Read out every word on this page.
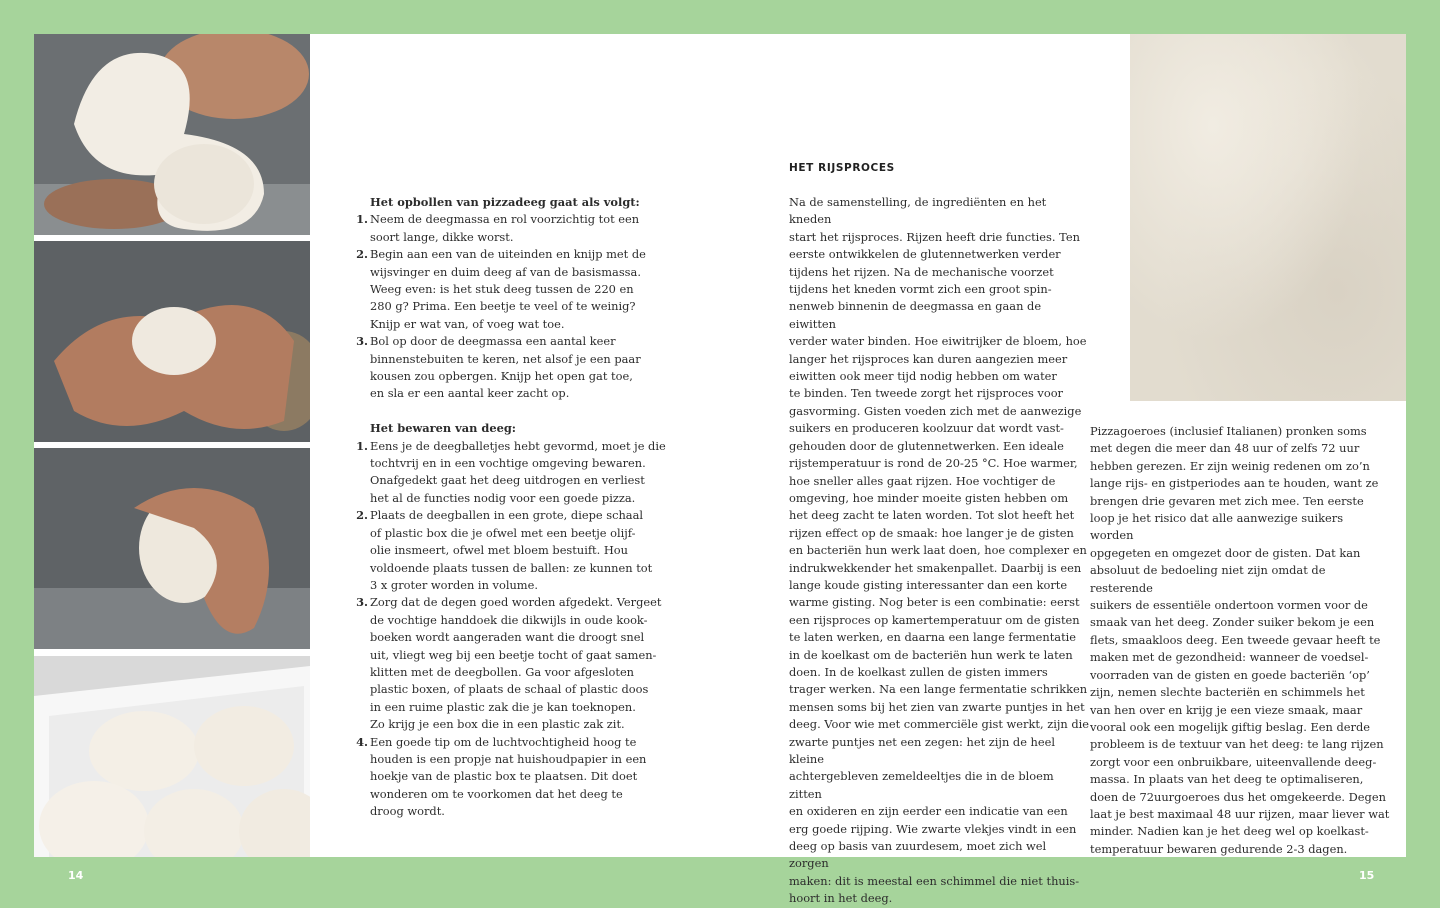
Het opbollen van pizzadeeg gaat als volgt:

1. Neem de deegmassa en rol voorzichtig tot een
soort lange, dikke worst.
2. Begin aan een van de uiteinden en knijp met de
wijsvinger en duim deeg af van de basismassa.
Weeg even: is het stuk deeg tussen de 220 en
280 g? Prima. Een beetje te veel of te weinig?
Knijp er wat van, of voeg wat toe.
3. Bol op door de deegmassa een aantal keer
binnenstebuiten te keren, net alsof je een paar
kousen zou opbergen. Knijp het open gat toe,
en sla er een aantal keer zacht op.

Het bewaren van deeg:

1. Eens je de deegballetjes hebt gevormd, moet je die
tochtvrij en in een vochtige omgeving bewaren.
Onafgedekt gaat het deeg uitdrogen en verliest
het al de functies nodig voor een goede pizza.
2. Plaats de deegballen in een grote, diepe schaal
of plastic box die je ofwel met een beetje olijf-
olie insmeert, ofwel met bloem bestuift. Hou
voldoende plaats tussen de ballen: ze kunnen tot
3 x groter worden in volume.
3. Zorg dat de degen goed worden afgedekt. Vergeet
de vochtige handdoek die dikwijls in oude kook-
boeken wordt aangeraden want die droogt snel
uit, vliegt weg bij een beetje tocht of gaat samen-
klitten met de deegbollen. Ga voor afgesloten
plastic boxen, of plaats de schaal of plastic doos
in een ruime plastic zak die je kan toeknopen.
Zo krijg je een box die in een plastic zak zit.
4. Een goede tip om de luchtvochtigheid hoog te
houden is een propje nat huishoudpapier in een
hoekje van de plastic box te plaatsen. Dit doet
wonderen om te voorkomen dat het deeg te
droog wordt.
HET RIJSPROCES
Na de samenstelling, de ingrediënten en het kneden
start het rijsproces. Rijzen heeft drie functies. Ten
eerste ontwikkelen de glutennetwerken verder
tijdens het rijzen. Na de mechanische voorzet
tijdens het kneden vormt zich een groot spin-
nenweb binnenin de deegmassa en gaan de eiwitten
verder water binden. Hoe eiwitrijker de bloem, hoe
langer het rijsproces kan duren aangezien meer
eiwitten ook meer tijd nodig hebben om water
te binden. Ten tweede zorgt het rijsproces voor
gasvorming. Gisten voeden zich met de aanwezige
suikers en produceren koolzuur dat wordt vast-
gehouden door de glutennetwerken. Een ideale
rijstemperatuur is rond de 20-25 °C. Hoe warmer,
hoe sneller alles gaat rijzen. Hoe vochtiger de
omgeving, hoe minder moeite gisten hebben om
het deeg zacht te laten worden. Tot slot heeft het
rijzen effect op de smaak: hoe langer je de gisten
en bacteriën hun werk laat doen, hoe complexer en
indrukwekkender het smakenpallet. Daarbij is een
lange koude gisting interessanter dan een korte
warme gisting. Nog beter is een combinatie: eerst
een rijsproces op kamertemperatuur om de gisten
te laten werken, en daarna een lange fermentatie
in de koelkast om de bacteriën hun werk te laten
doen. In de koelkast zullen de gisten immers
trager werken. Na een lange fermentatie schrikken
mensen soms bij het zien van zwarte puntjes in het
deeg. Voor wie met commerciële gist werkt, zijn die
zwarte puntjes net een zegen: het zijn de heel kleine
achtergebleven zemeldeeltjes die in de bloem zitten
en oxideren en zijn eerder een indicatie van een
erg goede rijping. Wie zwarte vlekjes vindt in een
deeg op basis van zuurdesem, moet zich wel zorgen
maken: dit is meestal een schimmel die niet thuis-
hoort in het deeg.
Pizzagoeroes (inclusief Italianen) pronken soms
met degen die meer dan 48 uur of zelfs 72 uur
hebben gerezen. Er zijn weinig redenen om zo’n
lange rijs- en gistperiodes aan te houden, want ze
brengen drie gevaren met zich mee. Ten eerste
loop je het risico dat alle aanwezige suikers worden
opgegeten en omgezet door de gisten. Dat kan
absoluut de bedoeling niet zijn omdat de resterende
suikers de essentiële ondertoon vormen voor de
smaak van het deeg. Zonder suiker bekom je een
flets, smaakloos deeg. Een tweede gevaar heeft te
maken met de gezondheid: wanneer de voedsel-
voorraden van de gisten en goede bacteriën ‘op’
zijn, nemen slechte bacteriën en schimmels het
van hen over en krijg je een vieze smaak, maar
vooral ook een mogelijk giftig beslag. Een derde
probleem is de textuur van het deeg: te lang rijzen
zorgt voor een onbruikbare, uiteenvallende deeg-
massa. In plaats van het deeg te optimaliseren,
doen de 72uurgoeroes dus het omgekeerde. Degen
laat je best maximaal 48 uur rijzen, maar liever wat
minder. Nadien kan je het deeg wel op koelkast-
temperatuur bewaren gedurende 2-3 dagen.
14	15
